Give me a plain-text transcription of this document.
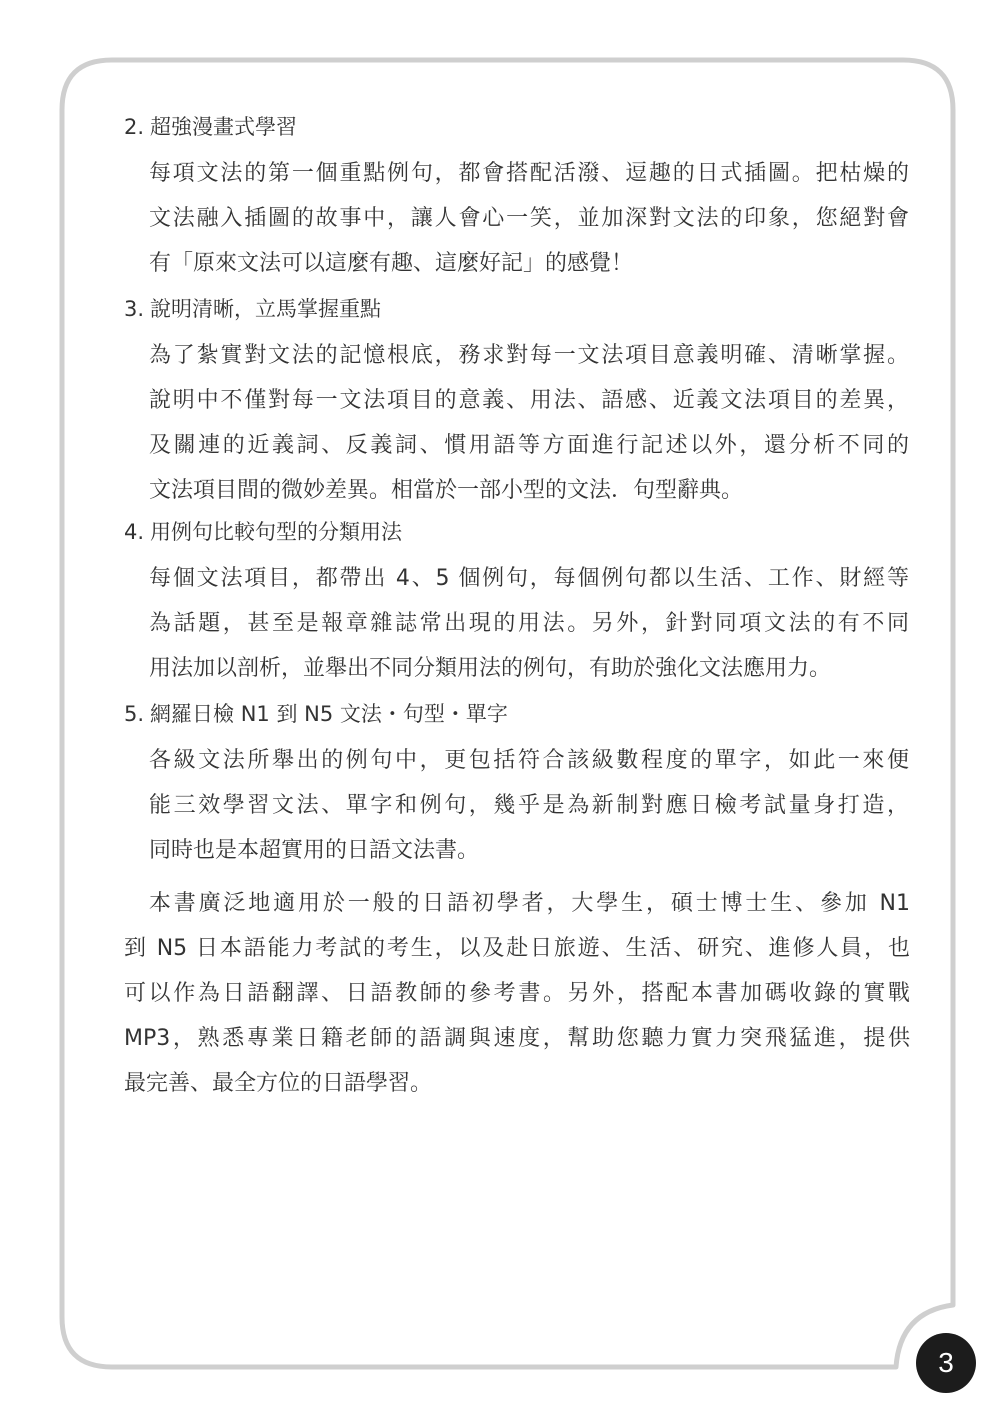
2. 超強漫畫式學習
每項文法的第一個重點例句，都會搭配活潑、逗趣的日式插圖。把枯燥的
文法融入插圖的故事中，讓人會心一笑，並加深對文法的印象，您絕對會
有「原來文法可以這麼有趣、這麼好記」的感覺！
3. 說明清晰，立馬掌握重點
為了紮實對文法的記憶根底，務求對每一文法項目意義明確、清晰掌握。
說明中不僅對每一文法項目的意義、用法、語感、近義文法項目的差異，
及關連的近義詞、反義詞、慣用語等方面進行記述以外，還分析不同的
文法項目間的微妙差異。相當於一部小型的文法．句型辭典。
4. 用例句比較句型的分類用法
每個文法項目，都帶出 4、5 個例句，每個例句都以生活、工作、財經等
為話題，甚至是報章雜誌常出現的用法。另外，針對同項文法的有不同
用法加以剖析，並舉出不同分類用法的例句，有助於強化文法應用力。
5. 網羅日檢 N1 到 N5 文法・句型・單字
各級文法所舉出的例句中，更包括符合該級數程度的單字，如此一來便
能三效學習文法、單字和例句，幾乎是為新制對應日檢考試量身打造，
同時也是本超實用的日語文法書。
　本書廣泛地適用於一般的日語初學者，大學生，碩士博士生、參加 N1
到 N5 日本語能力考試的考生，以及赴日旅遊、生活、研究、進修人員，也
可以作為日語翻譯、日語教師的參考書。另外，搭配本書加碼收錄的實戰
MP3，熟悉專業日籍老師的語調與速度，幫助您聽力實力突飛猛進，提供
最完善、最全方位的日語學習。
3
